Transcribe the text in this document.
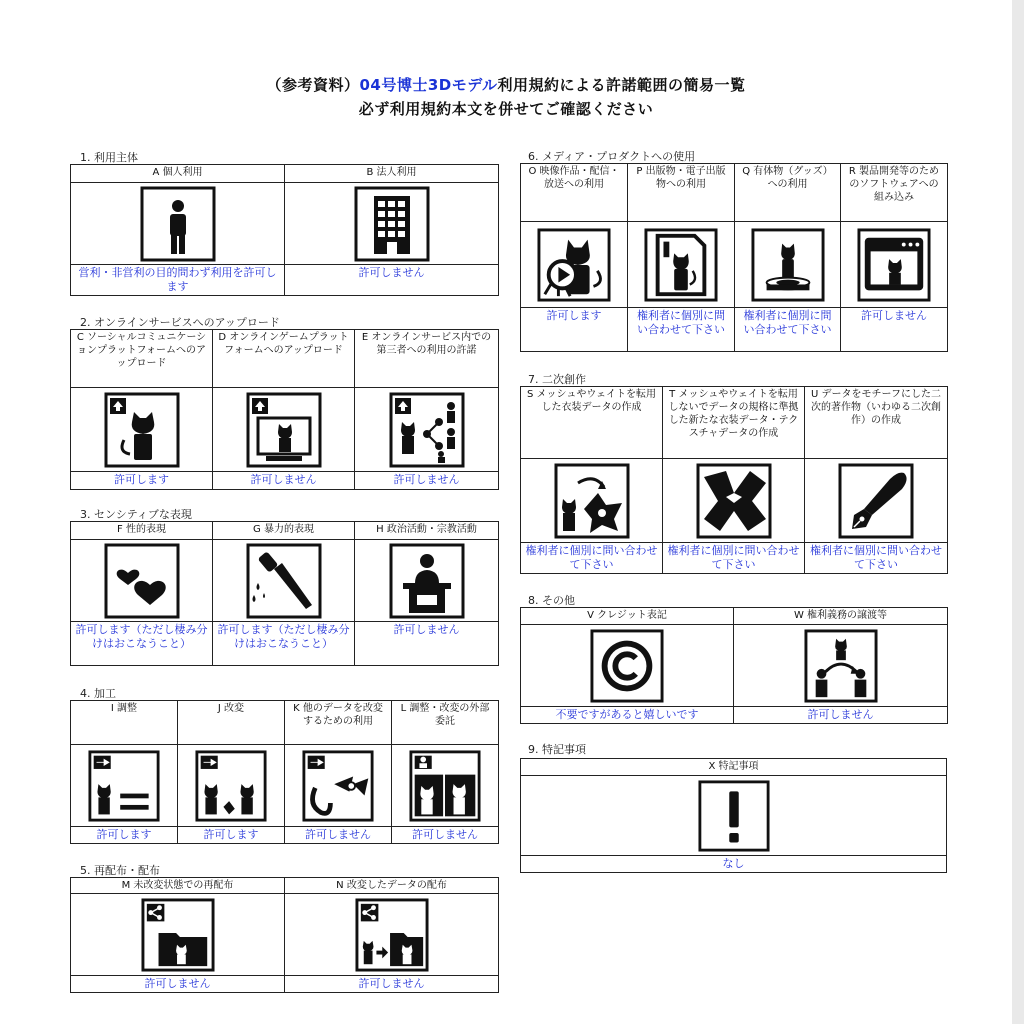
（参考資料）04号博士3Dモデル利用規約による許諾範囲の簡易一覧
必ず利用規約本文を併せてご確認ください
1. 利用主体
A 個人利用	B 法人利用

営利・非営利の目的問わず利用を許可します	許可しません
2. オンラインサービスへのアップロード
C ソーシャルコミュニケーションプラットフォームへのアップロード	D オンラインゲームプラットフォームへのアップロード	E オンラインサービス内での第三者への利用の許諾

許可します	許可しません	許可しません
3. センシティブな表現
F 性的表現	G 暴力的表現	H 政治活動・宗教活動

許可します（ただし棲み分けはおこなうこと）	許可します（ただし棲み分けはおこなうこと）	許可しません
4. 加工
I 調整	J 改変	K 他のデータを改変するための利用	L 調整・改変の外部委託

許可します	許可します	許可しません	許可しません
5. 再配布・配布
M 未改変状態での再配布	N 改変したデータの配布

許可しません	許可しません
6. メディア・プロダクトへの使用
O 映像作品・配信・放送への利用	P 出版物・電子出版物への利用	Q 有体物（グッズ）への利用	R 製品開発等のためのソフトウェアへの組み込み

許可します	権利者に個別に問い合わせて下さい	権利者に個別に問い合わせて下さい	許可しません
7. 二次創作
S メッシュやウェイトを転用した衣装データの作成	T メッシュやウェイトを転用しないでデータの規格に準拠した新たな衣装データ・テクスチャデータの作成	U データをモチーフにした二次的著作物（いわゆる二次創作）の作成

権利者に個別に問い合わせて下さい	権利者に個別に問い合わせて下さい	権利者に個別に問い合わせて下さい
8. その他
V クレジット表記	W 権利義務の譲渡等

不要ですがあると嬉しいです	許可しません
9. 特記事項
X 特記事項

なし
